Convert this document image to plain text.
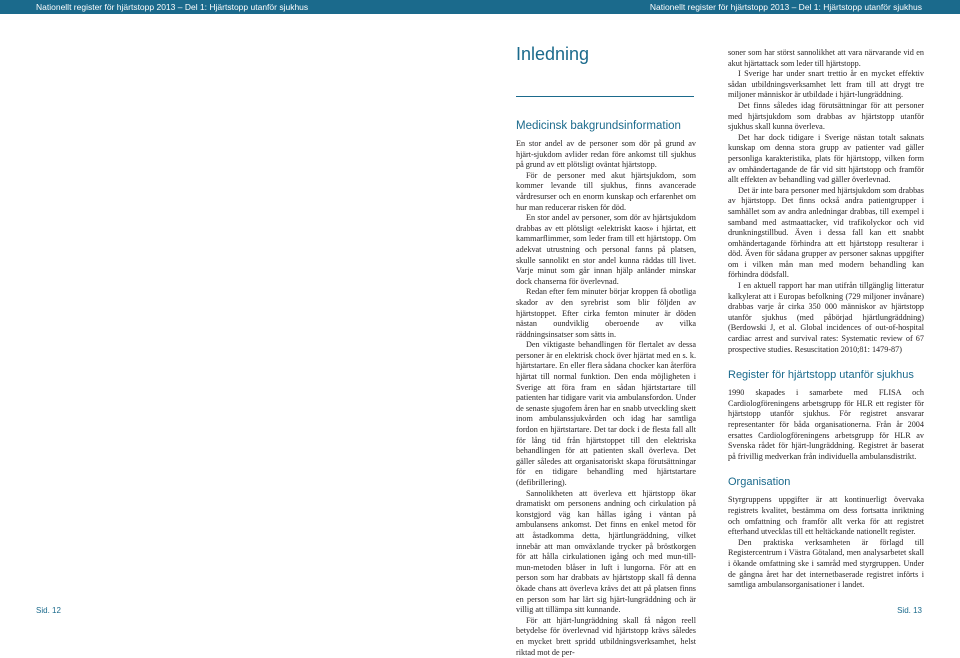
Nationellt register för hjärtstopp 2013 – Del 1: Hjärtstopp utanför sjukhus	Nationellt register för hjärtstopp 2013 – Del 1: Hjärtstopp utanför sjukhus
Inledning
Medicinsk bakgrundsinformation

En stor andel av de personer som dör på grund av hjärt-sjukdom avlider redan före ankomst till sjukhus på grund av ett plötsligt oväntat hjärtstopp.

För de personer med akut hjärtsjukdom, som kommer levande till sjukhus, finns avancerade vårdresurser och en enorm kunskap och erfarenhet om hur man reducerar risken för död.

En stor andel av personer, som dör av hjärtsjukdom drabbas av ett plötsligt «elektriskt kaos» i hjärtat, ett kammarflimmer, som leder fram till ett hjärtstopp. Om adekvat utrustning och personal fanns på platsen, skulle sannolikt en stor andel kunna räddas till livet. Varje minut som går innan hjälp anländer minskar dock chanserna för överlevnad.

Redan efter fem minuter börjar kroppen få obotliga skador av den syrebrist som blir följden av hjärtstoppet. Efter cirka femton minuter är döden nästan oundviklig oberoende av vilka räddningsinsatser som sätts in.

Den viktigaste behandlingen för flertalet av dessa personer är en elektrisk chock över hjärtat med en s. k. hjärtstartare. En eller flera sådana chocker kan återföra hjärtat till normal funktion. Den enda möjligheten i Sverige att föra fram en sådan hjärtstartare till patienten har tidigare varit via ambulansfordon. Under de senaste sjugofem åren har en snabb utveckling skett inom ambulanssjukvården och idag har samtliga fordon en hjärtstartare. Det tar dock i de flesta fall allt för lång tid från hjärtstoppet till den elektriska behandlingen för att patienten skall överleva. Det gäller således att organisatoriskt skapa förutsättningar för en tidigare behandling med hjärtstartare (defibrillering).

Sannolikheten att överleva ett hjärtstopp ökar dramatiskt om personens andning och cirkulation på konstgjord väg kan hållas igång i väntan på ambulansens ankomst. Det finns en enkel metod för att åstadkomma detta, hjärtlungräddning, vilket innebär att man omväxlande trycker på bröstkorgen för att hålla cirkulationen igång och med mun-till-mun-metoden blåser in luft i lungorna. För att en person som har drabbats av hjärtstopp skall få denna ökade chans att överleva krävs det att på platsen finns en person som har lärt sig hjärt-lungräddning och är villig att tillämpa sitt kunnande.

För att hjärt-lungräddning skall få någon reell betydelse för överlevnad vid hjärtstopp krävs således en mycket brett spridd utbildningsverksamhet, helst riktad mot de per-

soner som har störst sannolikhet att vara närvarande vid en akut hjärtattack som leder till hjärtstopp.

I Sverige har under snart trettio år en mycket effektiv sådan utbildningsverksamhet lett fram till att drygt tre miljoner människor är utbildade i hjärt-lungräddning.

Det finns således idag förutsättningar för att personer med hjärtsjukdom som drabbas av hjärtstopp utanför sjukhus skall kunna överleva.

Det har dock tidigare i Sverige nästan totalt saknats kunskap om denna stora grupp av patienter vad gäller personliga karakteristika, plats för hjärtstopp, vilken form av omhändertagande de får vid sitt hjärtstopp och framför allt effekten av behandling vad gäller överlevnad.

Det är inte bara personer med hjärtsjukdom som drabbas av hjärtstopp. Det finns också andra patientgrupper i samhället som av andra anledningar drabbas, till exempel i samband med astmaattacker, vid trafikolyckor och vid drunkningstillbud. Även i dessa fall kan ett snabbt omhändertagande förhindra att ett hjärtstopp resulterar i död. Även för sådana grupper av personer saknas uppgifter om i vilken mån man med modern behandling kan förhindra dödsfall.

I en aktuell rapport har man utifrån tillgänglig litteratur kalkylerat att i Europas befolkning (729 miljoner invånare) drabbas varje år cirka 350 000 människor av hjärtstopp utanför sjukhus (med påbörjad hjärtlungräddning) (Berdowski J, et al. Global incidences of out-of-hospital cardiac arrest and survival rates: Systematic review of 67 prospective studies. Resuscitation 2010;81: 1479-87)

Register för hjärtstopp utanför sjukhus

1990 skapades i samarbete med FLISA och Cardiologföreningens arbetsgrupp för HLR ett register för hjärtstopp utanför sjukhus. För registret ansvarar representanter för båda organisationerna. Från år 2004 ersattes Cardiologföreningens arbetsgrupp för HLR av Svenska rådet för hjärt-lungräddning. Registret är baserat på frivillig medverkan från individuella ambulansdistrikt.

Organisation

Styrgruppens uppgifter är att kontinuerligt övervaka registrets kvalitet, bestämma om dess fortsatta inriktning och omfattning och framför allt verka för att registret efterhand utvecklas till ett heltäckande nationellt register.

Den praktiska verksamheten är förlagd till Registercentrum i Västra Götaland, men analysarbetet skall i ökande omfattning ske i samråd med styrgruppen. Under de gångna året har det internetbaserade registret införts i samtliga ambulansorganisationer i landet.

Sid. 12	Sid. 13
